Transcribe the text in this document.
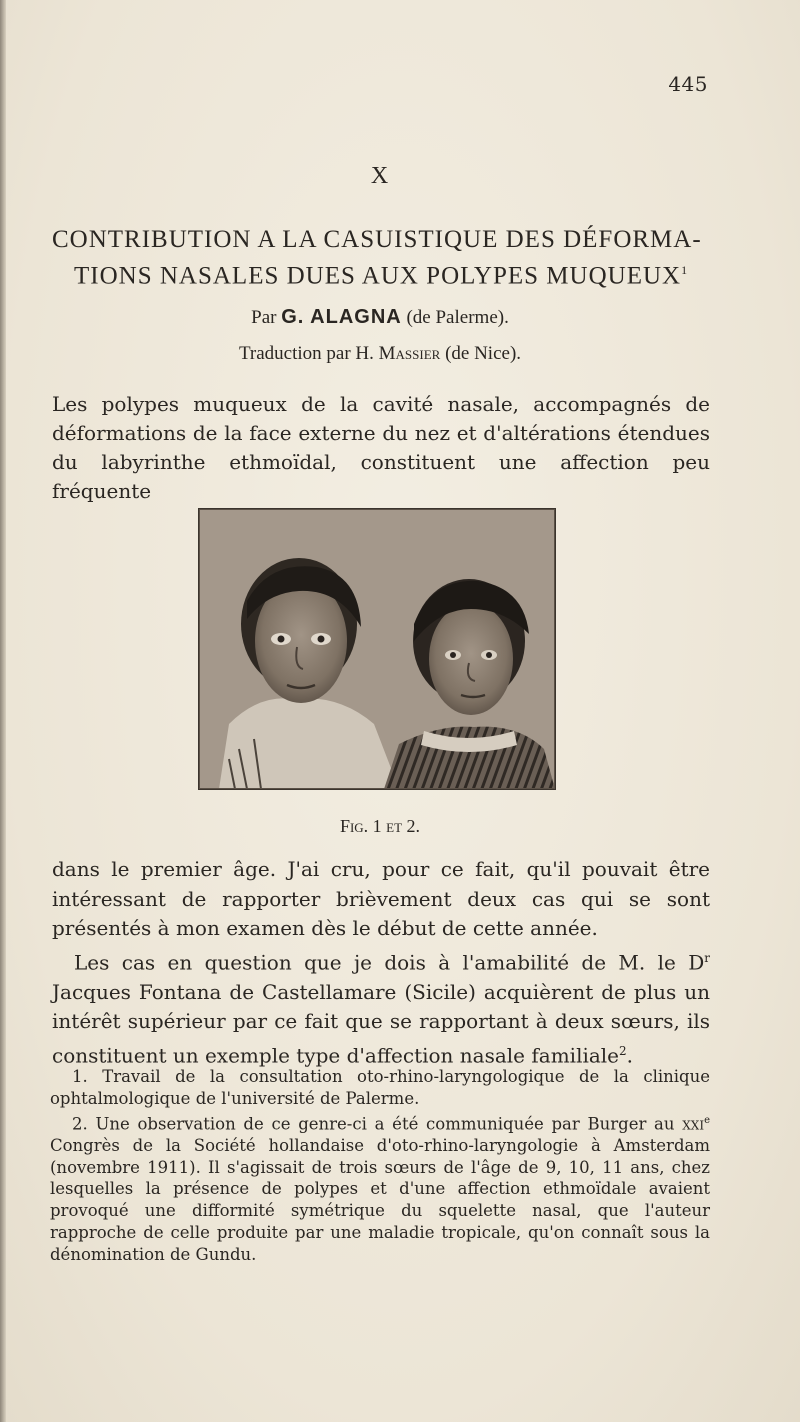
445
X
CONTRIBUTION A LA CASUISTIQUE DES DÉFORMA-
TIONS NASALES DUES AUX POLYPES MUQUEUX$^1$
Par G. ALAGNA (de Palerme).
Traduction par H. Massier (de Nice).
Les polypes muqueux de la cavité nasale, accompagnés de déformations de la face externe du nez et d'altérations étendues du labyrinthe ethmoïdal, constituent une affection peu fréquente
Fig. 1 et 2.

dans le premier âge. J'ai cru, pour ce fait, qu'il pouvait être intéressant de rapporter brièvement deux cas qui se sont présentés à mon examen dès le début de cette année.

Les cas en question que je dois à l'amabilité de M. le $D^r$ Jacques Fontana de Castellamare (Sicile) acquièrent de plus un intérêt supérieur par ce fait que se rapportant à deux sœurs, ils constituent un exemple type d'affection nasale familiale$^2$.

1. Travail de la consultation oto-rhino-laryngologique de la clinique ophtalmologique de l'université de Palerme.

2. Une observation de ce genre-ci a été communiquée par Burger au xxi$^e$ Congrès de la Société hollandaise d'oto-rhino-laryngologie à Amsterdam (novembre 1911). Il s'agissait de trois sœurs de l'âge de 9, 10, 11 ans, chez lesquelles la présence de polypes et d'une affection ethmoïdale avaient provoqué une difformité symétrique du squelette nasal, que l'auteur rapproche de celle produite par une maladie tropicale, qu'on connaît sous la dénomination de Gundu.
